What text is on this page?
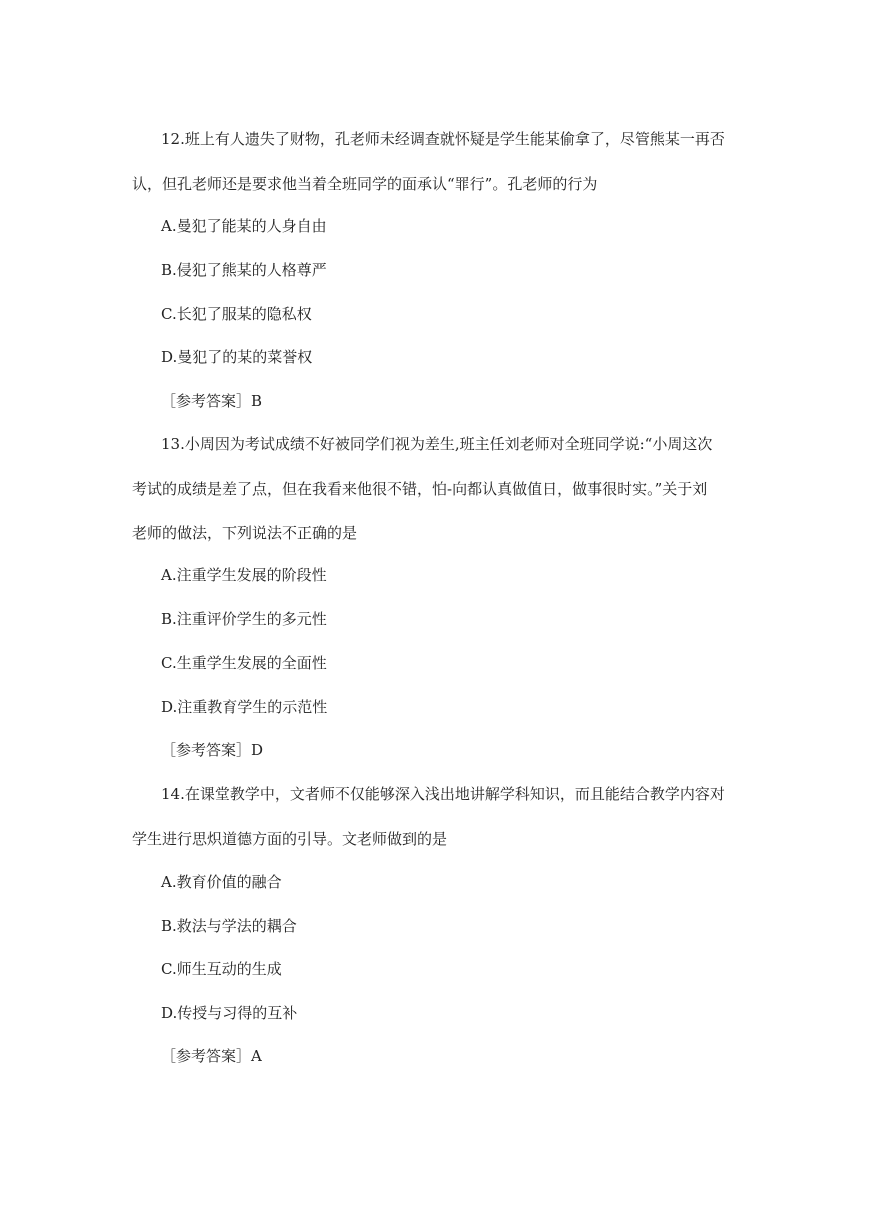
12.班上有人遗失了财物，孔老师未经调查就怀疑是学生能某偷拿了，尽管熊某一再否
认，但孔老师还是要求他当着全班同学的面承认“罪行”。孔老师的行为
A.曼犯了能某的人身自由
B.侵犯了熊某的人格尊严
C.长犯了服某的隐私权
D.曼犯了的某的菜誉权
［参考答案］B
13.小周因为考试成绩不好被同学们视为差生,班主任刘老师对全班同学说:“小周这次
考试的成绩是差了点，但在我看来他很不错，怕-向都认真做值日，做事很时实。”关于刘
老师的做法，下列说法不正确的是
A.注重学生发展的阶段性
B.注重评价学生的多元性
C.生重学生发展的全面性
D.注重教育学生的示范性
［参考答案］D
14.在课堂教学中，文者师不仅能够深入浅出地讲解学科知识，而且能结合教学内容对
学生进行思炽道德方面的引导。文老师做到的是
A.教育价值的融合
B.救法与学法的耦合
C.师生互动的生成
D.传授与习得的互补
［参考答案］A
